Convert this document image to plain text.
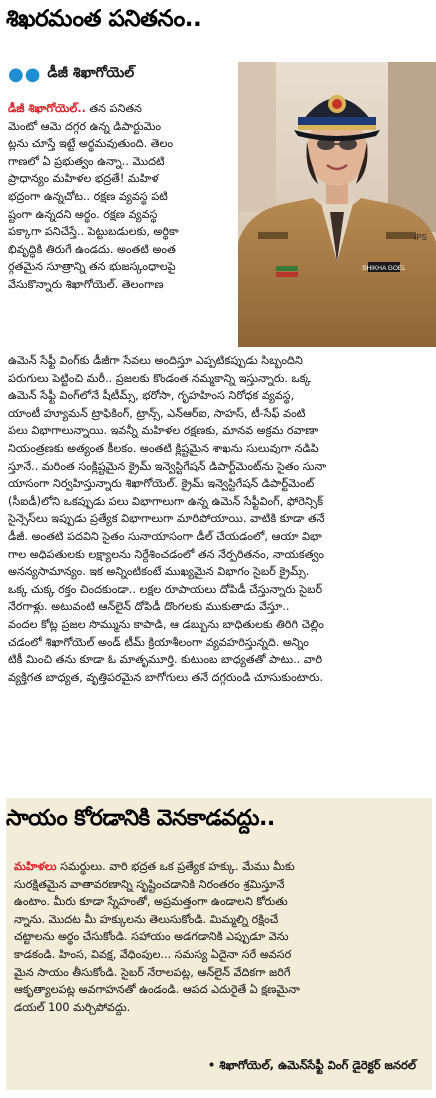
శిఖరమంత పనితనం..
●● డీజీ శిఖాగోయెల్
SHIKHA GOEL
IPS
డీజీ శిఖాగోయెల్.. తన పనితన
మెంటో ఆమె దగ్గర ఉన్న డిపార్టుమెం
ట్లను చూస్తే ఇట్టే అర్థమవుతుంది. తెలం
గాణలో ఏ ప్రభుత్వం ఉన్నా.. మొదటి
ప్రాధాన్యం మహిళల భద్రతే! మహిళ
భద్రంగా ఉన్నచోట.. రక్షణ వ్యవస్థ పటి
ష్టంగా ఉన్నదని అర్థం. రక్షణ వ్యవస్థ
పక్కాగా పనిచేస్తే.. పెట్టుబడులకు, అర్థికా
భివృద్ధికి తిరుగే ఉండదు. అంతటి అంత
ర్గతమైన సూత్రాన్ని తన భుజస్కంధాలపై
వేసుకొన్నారు శిఖాగోయెల్. తెలంగాణ
ఉమెన్ సేఫ్టీ వింగ్‌కు డీజీగా సేవలు అందిస్తూ ఎప్పటికప్పుడు సిబ్బందిని
పరుగులు పెట్టించి మరీ.. ప్రజలకు కొండంత నమ్మకాన్ని ఇస్తున్నారు. ఒక్క
ఉమెన్ సేఫ్టీ వింగ్‌లోనే షీటీమ్స్, భరోసా, గృహహింస నిరోధక వ్యవస్థ,
యాంటీ హ్యూమన్ ట్రాఫికింగ్, ట్రాన్స్, ఎన్ఆర్ఐ, సాహస్, టీ-సేఫ్ వంటి
పలు విభాగాలున్నాయి. ఇవన్నీ మహిళల రక్షణకు, మానవ అక్రమ రవాణా
నియంత్రణకు అత్యంత కీలకం. అంతటి క్లిష్టమైన శాఖను సులువుగా నడిపి
స్తూనే.. మరింత సంక్లిష్టమైన క్రైమ్ ఇన్వెస్టిగేషన్ డిపార్ట్‌మెంట్‌ను సైతం సునా
యాసంగా నిర్వహిస్తున్నారు శిఖాగోయెల్. క్రైమ్ ఇన్వెస్టిగేషన్ డిపార్ట్‌మెంట్
(సీఐడీ)లోని ఒకప్పుడు పలు విభాగాలుగా ఉన్న ఉమెన్ సేఫ్టీవింగ్, ఫోరెన్సిక్
సైన్సెస్‌లు ఇప్పుడు ప్రత్యేక విభాగాలుగా మారిపోయాయి. వాటికి కూడా తనే
డీజీ. అంతటి పదవిని సైతం సునాయాసంగా డీల్ చేయడంలో, ఆయా విభా
గాల అధిపతులకు లక్ష్యాలను నిర్దేశించడంలో తన నేర్పరితనం, నాయకత్వం
అనన్యసామాన్యం. ఇక అన్నింటికంటే ముఖ్యమైన విభాగం సైబర్ క్రైమ్స్.
ఒక్క చుక్క రక్తం చిందకుండా.. లక్షల రూపాయలు దోపిడీ చేస్తున్నారు సైబర్
నేరగాళ్లు. అటువంటి ఆన్‌లైన్ దోపిడీ దొంగలకు ముకుతాడు వేస్తూ..
వందల కోట్ల ప్రజల సొమ్మును కాపాడి, ఆ డబ్బును బాధితులకు తిరిగి చెల్లిం
చడంలో శిఖాగోయెల్ అండ్ టీమ్ క్రియాశీలంగా వ్యవహరిస్తున్నది. అన్నిం
టికీ మించి తను కూడా ఓ మాతృమూర్తి. కుటుంబ బాధ్యతతో పాటు.. వారి
వ్యక్తిగత బాధ్యత, వృత్తిపరమైన బాగోగులు తనే దగ్గరుండి చూసుకుంటారు.
సాయం కోరడానికి వెనకాడవద్దు..
మహిళలు సమర్థులు. వారి భద్రత ఒక ప్రత్యేక హక్కు. మేము మీకు
సురక్షితమైన వాతావరణాన్ని సృష్టించడానికి నిరంతరం శ్రమిస్తూనే
ఉంటాం. మీరు కూడా స్నేహంతో, అప్రమత్తంగా ఉండాలని కోరుతు
న్నాను. మొదట మీ హక్కులను తెలుసుకోండి. మిమ్మల్ని రక్షించే
చట్టాలను అర్థం చేసుకోండి. సహాయం అడగడానికి ఎప్పుడూ వెను
కాడకండి. హింస, వివక్ష, వేధింపుల... సమస్య ఏదైనా సరే అవసర
మైన సాయం తీసుకోండి. సైబర్ నేరాలపట్ల, ఆన్‌లైన్ వేదికగా జరిగే
ఆకృత్యాలపట్ల అవగాహనతో ఉండండి. ఆపద ఎదురైతే ఏ క్షణమైనా
డయల్ 100 మర్చిపోవద్దు.
• శిఖాగోయెల్, ఉమెన్‌సేఫ్టీ వింగ్ డైరెక్టర్ జనరల్
